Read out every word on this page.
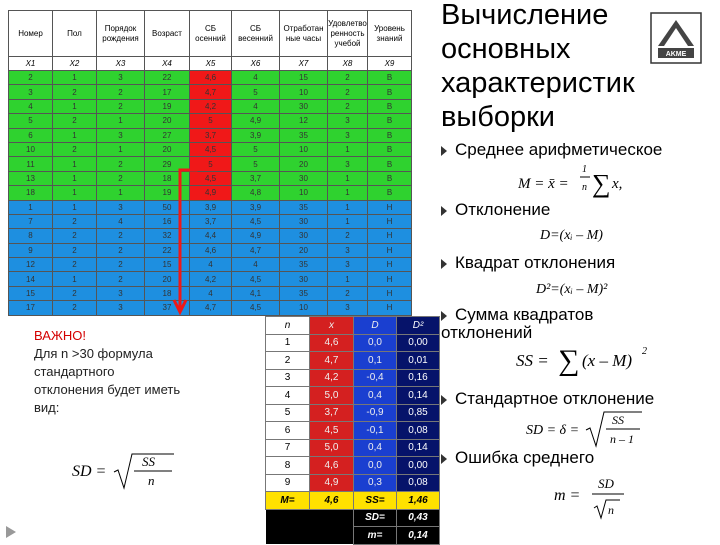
Номер	Пол	Порядок рождения	Возраст	СБ осенний	СБ весенний	Отработан ные часы	Удовлетво ренность учебой	Уровень знаний
X1	X2	X3	X4	X5	X6	X7	X8	X9
2	1	3	22	4,6	4	15	2	В
3	2	2	17	4,7	5	10	2	В
4	1	2	19	4,2	4	30	2	В
5	2	1	20	5	4,9	12	3	В
6	1	3	27	3,7	3,9	35	3	В
10	2	1	20	4,5	5	10	1	В
11	1	2	29	5	5	20	3	В
13	1	2	18	4,5	3,7	30	1	В
18	1	1	19	4,9	4,8	10	1	В
1	1	3	50	3,9	3,9	35	1	Н
7	2	4	16	3,7	4,5	30	1	Н
8	2	2	32	4,4	4,9	30	2	Н
9	2	2	22	4,6	4,7	20	3	Н
12	2	2	15	4	4	35	3	Н
14	1	2	20	4,2	4,5	30	1	Н
15	2	3	18	4	4,1	35	2	Н
17	2	3	37	4,7	4,5	10	3	Н
ВАЖНО!
Для n >30 формула стандартного отклонения будет иметь вид:
SD =
SS
n
n	x	D	D²
1	4,6	0,0	0,00
2	4,7	0,1	0,01
3	4,2	-0,4	0,16
4	5,0	0,4	0,14
5	3,7	-0,9	0,85
6	4,5	-0,1	0,08
7	5,0	0,4	0,14
8	4,6	0,0	0,00
9	4,9	0,3	0,08
M=	4,6	SS=	1,46
		SD=	0,43
		m=	0,14
Вычисление основных характеристик выборки
AKME
Среднее арифметическое
M = x̄ =
1
n ∑ x,
Отклонение
D=(xᵢ – M)
Квадрат отклонения
D²=(xᵢ – M)²
Сумма квадратов отклонений
SS = ∑ (x – M) 2
Стандартное отклонение
SD = δ =
SS
n – 1
Ошибка среднего
m =
SD
n
